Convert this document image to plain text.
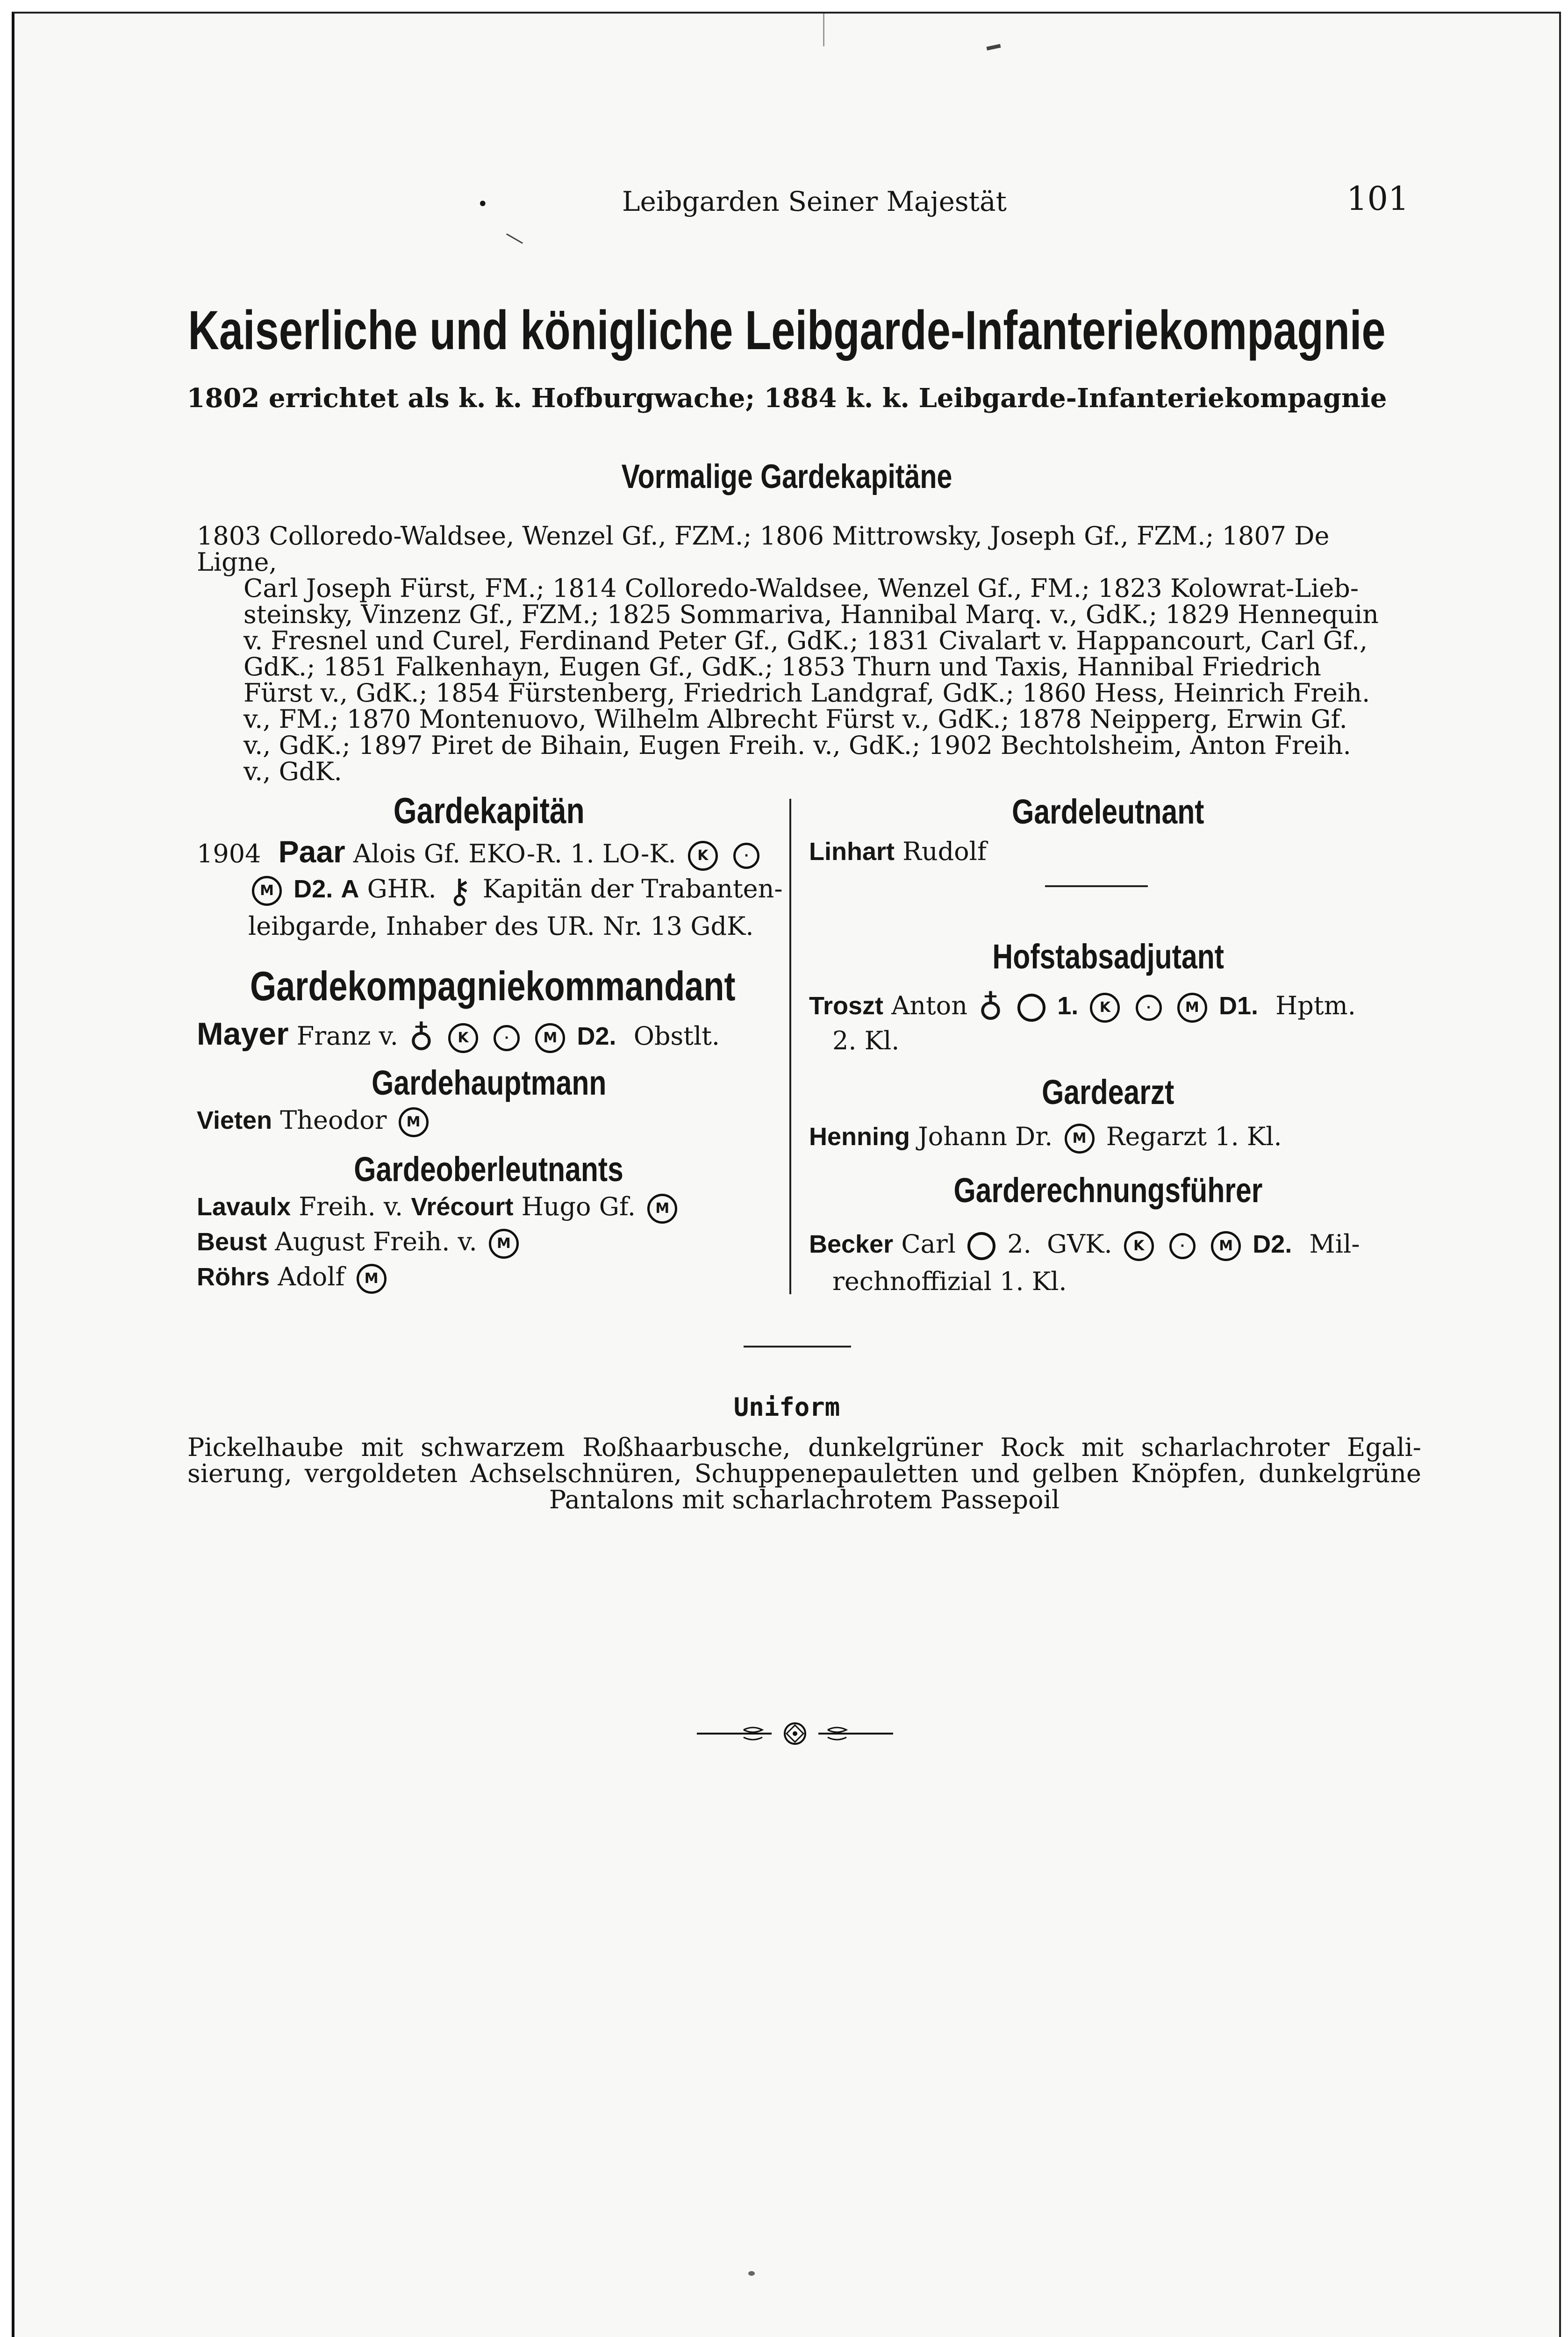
•	Leibgarden Seiner Majestät	101
Kaiserliche und königliche Leibgarde-Infanteriekompagnie
1802 errichtet als k. k. Hofburgwache; 1884 k. k. Leibgarde-Infanteriekompagnie
Vormalige Gardekapitäne
1803 Colloredo-Waldsee, Wenzel Gf., FZM.; 1806 Mittrowsky, Joseph Gf., FZM.; 1807 De Ligne,
Carl Joseph Fürst, FM.; 1814 Colloredo-Waldsee, Wenzel Gf., FM.; 1823 Kolowrat-Lieb-
steinsky, Vinzenz Gf., FZM.; 1825 Sommariva, Hannibal Marq. v., GdK.; 1829 Hennequin
v. Fresnel und Curel, Ferdinand Peter Gf., GdK.; 1831 Civalart v. Happancourt, Carl Gf.,
GdK.; 1851 Falkenhayn, Eugen Gf., GdK.; 1853 Thurn und Taxis, Hannibal Friedrich
Fürst v., GdK.; 1854 Fürstenberg, Friedrich Landgraf, GdK.; 1860 Hess, Heinrich Freih.
v., FM.; 1870 Montenuovo, Wilhelm Albrecht Fürst v., GdK.; 1878 Neipperg, Erwin Gf.
v., GdK.; 1897 Piret de Bihain, Eugen Freih. v., GdK.; 1902 Bechtolsheim, Anton Freih.
v., GdK.
Gardekapitän
1904 Paar Alois Gf. EKO-R. 1. LO-K. K	·
M D2. A GHR. ⚷ Kapitän der Trabanten-
leibgarde, Inhaber des UR. Nr. 13 GdK.
Gardekompagniekommandant
Mayer Franz v. ♁ K	· M D2. Obstlt.
Gardehauptmann
Vieten Theodor M
Gardeoberleutnants
Lavaulx Freih. v. Vrécourt Hugo Gf. M
Beust August Freih. v. M
Röhrs Adolf M
Gardeleutnant
Linhart Rudolf
Hofstabsadjutant
Troszt Anton ♁ 1. K	· M D1. Hptm.
2. Kl.
Gardearzt
Henning Johann Dr. M Regarzt 1. Kl.
Garderechnungsführer
Becker Carl 2. GVK. K	· M D2. Mil-
rechnoffizial 1. Kl.
Uniform
Pickelhaube mit schwarzem Roßhaarbusche, dunkelgrüner Rock mit scharlachroter Egali-
sierung, vergoldeten Achselschnüren, Schuppenepauletten und gelben Knöpfen, dunkelgrüne
Pantalons mit scharlachrotem Passepoil
